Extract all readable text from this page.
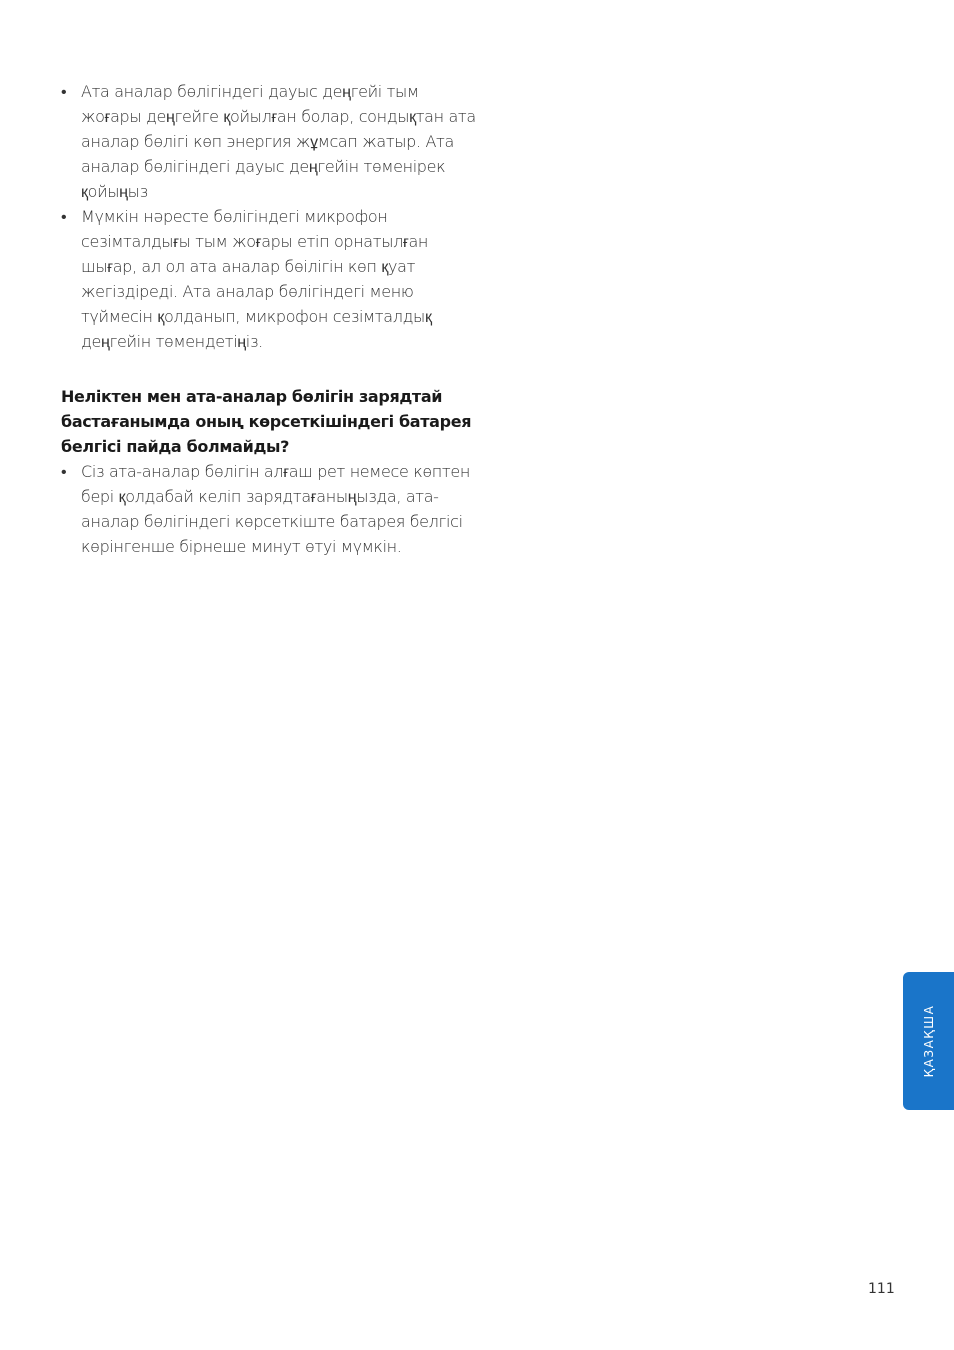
• Ата аналар бөлігіндегі дауыс деңгейі тым жоғары деңгейге қойылған болар, сондықтан ата аналар бөлігі көп энергия жұмсап жатыр. Ата аналар бөлігіндегі дауыс деңгейін төменірек қойыңыз
• Мүмкін нәресте бөлігіндегі микрофон сезімталдығы тым жоғары етіп орнатылған шығар, ал ол ата аналар бөілігін көп қуат жегіздіреді. Ата аналар бөлігіндегі меню түймесін қолданып, микрофон сезімталдық деңгейін төмендетіңіз.
Неліктен мен ата-аналар бөлігін зарядтай бастағанымда оның көрсеткішіндегі батарея белгісі пайда болмайды?
• Сіз ата-аналар бөлігін алғаш рет немесе көптен бері қолдабай келіп зарядтағаныңызда, ата-аналар бөлігіндегі көрсеткіште батарея белгісі көрінгенше бірнеше минут өтуі мүмкін.
ҚАЗАҚША
111
